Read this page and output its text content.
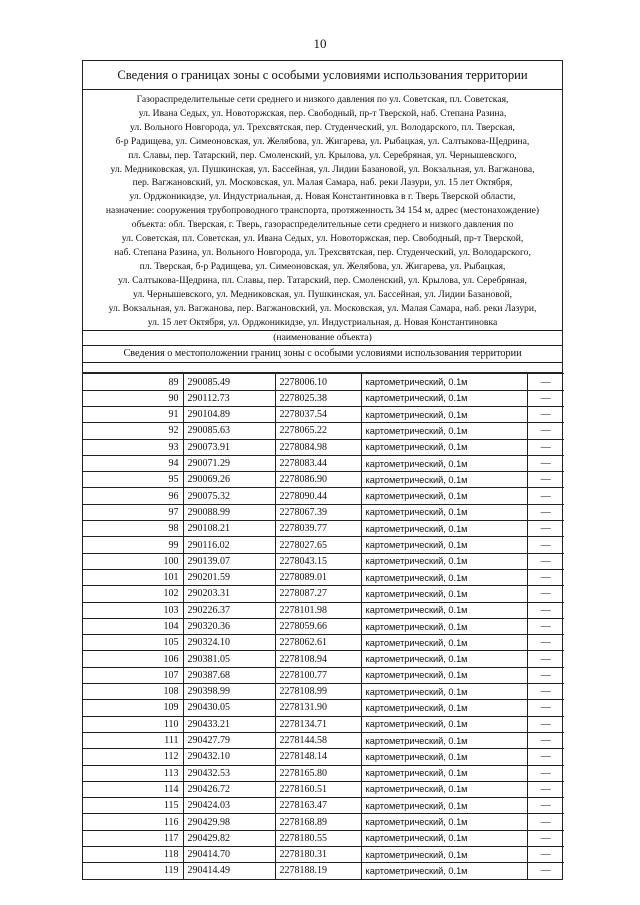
10
Сведения о границах зоны с особыми условиями использования территории
Газораспределительные сети среднего и низкого давления по ул. Советская, пл. Советская,
ул. Ивана Седых, ул. Новоторжская, пер. Свободный, пр-т Тверской, наб. Степана Разина,
ул. Вольного Новгорода, ул. Трехсвятская, пер. Студенческий, ул. Володарского, пл. Тверская,
б-р Радищева, ул. Симеоновская, ул. Желябова, ул. Жигарева, ул. Рыбацкая, ул. Салтыкова-Щедрина,
пл. Славы, пер. Татарский, пер. Смоленский, ул. Крылова, ул. Серебряная, ул. Чернышевского,
ул. Медниковская, ул. Пушкинская, ул. Бассейная, ул. Лидии Базановой, ул. Вокзальная, ул. Вагжанова,
пер. Вагжановский, ул. Московская, ул. Малая Самара, наб. реки Лазури, ул. 15 лет Октября,
ул. Орджоникидзе, ул. Индустриальная, д. Новая Константиновка в г. Тверь Тверской области,
назначение: сооружения трубопроводного транспорта, протяженность 34 154 м, адрес (местонахождение)
объекта: обл. Тверская, г. Тверь, газораспределительные сети среднего и низкого давления по
ул. Советская, пл. Советская, ул. Ивана Седых, ул. Новоторжская, пер. Свободный, пр-т Тверской,
наб. Степана Разина, ул. Вольного Новгорода, ул. Трехсвятская, пер. Студенческий, ул. Володарского,
пл. Тверская, б-р Радищева, ул. Симеоновская, ул. Желябова, ул. Жигарева, ул. Рыбацкая,
ул. Салтыкова-Щедрина, пл. Славы, пер. Татарский, пер. Смоленский, ул. Крылова, ул. Серебряная,
ул. Чернышевского, ул. Медниковская, ул. Пушкинская, ул. Бассейная, ул. Лидии Базановой,
ул. Вокзальная, ул. Вагжанова, пер. Вагжановский, ул. Московская, ул. Малая Самара, наб. реки Лазури,
ул. 15 лет Октября, ул. Орджоникидзе, ул. Индустриальная, д. Новая Константиновка
(наименование объекта)
Сведения о местоположении границ зоны с особыми условиями использования территории
89	290085.49	2278006.10	картометрический, 0.1м	—
90	290112.73	2278025.38	картометрический, 0.1м	—
91	290104.89	2278037.54	картометрический, 0.1м	—
92	290085.63	2278065.22	картометрический, 0.1м	—
93	290073.91	2278084.98	картометрический, 0.1м	—
94	290071.29	2278083.44	картометрический, 0.1м	—
95	290069.26	2278086.90	картометрический, 0.1м	—
96	290075.32	2278090.44	картометрический, 0.1м	—
97	290088.99	2278067.39	картометрический, 0.1м	—
98	290108.21	2278039.77	картометрический, 0.1м	—
99	290116.02	2278027.65	картометрический, 0.1м	—
100	290139.07	2278043.15	картометрический, 0.1м	—
101	290201.59	2278089.01	картометрический, 0.1м	—
102	290203.31	2278087.27	картометрический, 0.1м	—
103	290226.37	2278101.98	картометрический, 0.1м	—
104	290320.36	2278059.66	картометрический, 0.1м	—
105	290324.10	2278062.61	картометрический, 0.1м	—
106	290381.05	2278108.94	картометрический, 0.1м	—
107	290387.68	2278100.77	картометрический, 0.1м	—
108	290398.99	2278108.99	картометрический, 0.1м	—
109	290430.05	2278131.90	картометрический, 0.1м	—
110	290433.21	2278134.71	картометрический, 0.1м	—
111	290427.79	2278144.58	картометрический, 0.1м	—
112	290432.10	2278148.14	картометрический, 0.1м	—
113	290432.53	2278165.80	картометрический, 0.1м	—
114	290426.72	2278160.51	картометрический, 0.1м	—
115	290424.03	2278163.47	картометрический, 0.1м	—
116	290429.98	2278168.89	картометрический, 0.1м	—
117	290429.82	2278180.55	картометрический, 0.1м	—
118	290414.70	2278180.31	картометрический, 0.1м	—
119	290414.49	2278188.19	картометрический, 0.1м	—
